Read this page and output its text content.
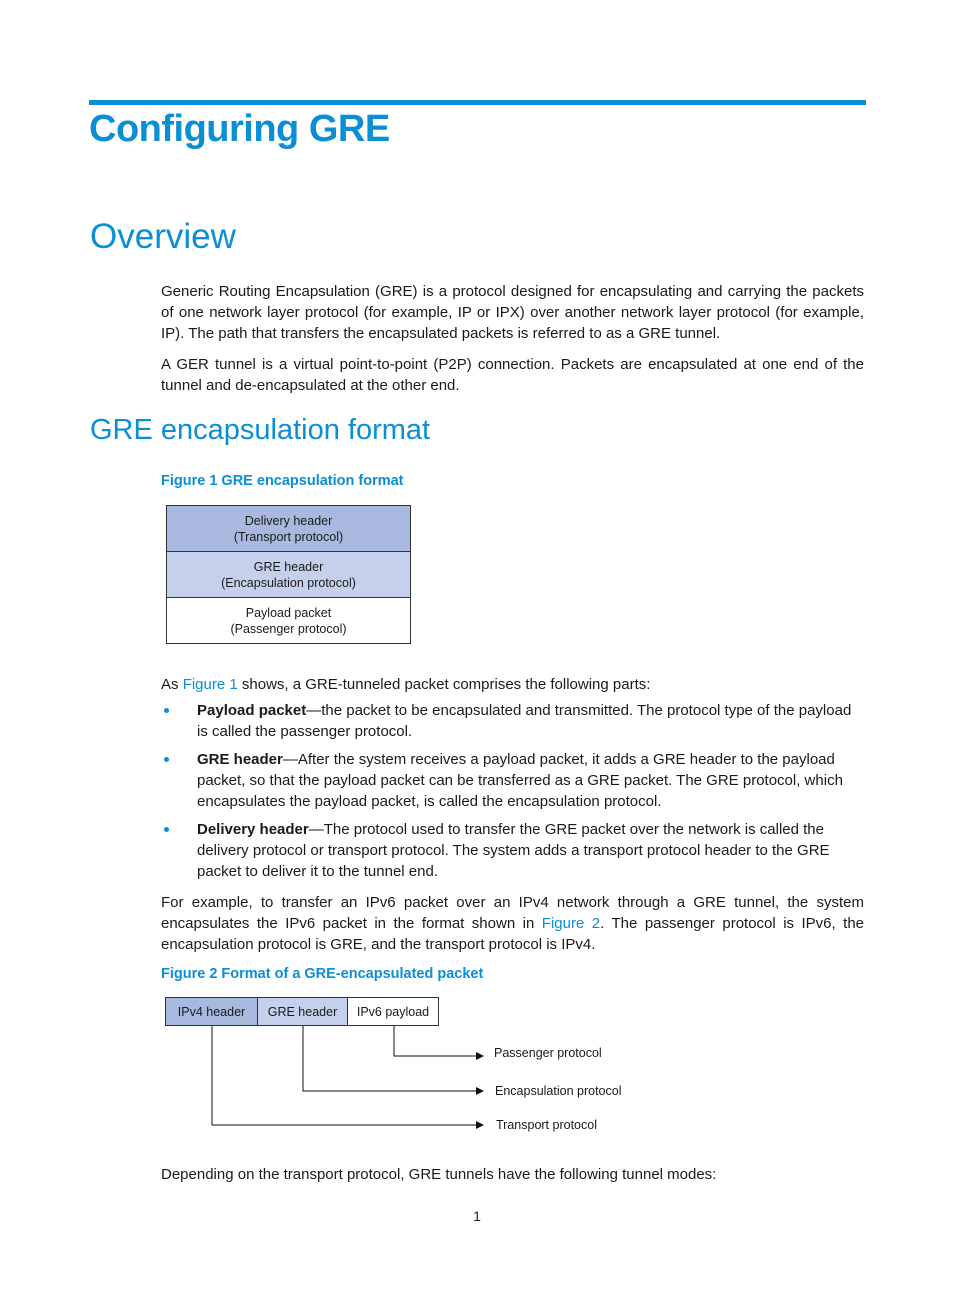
Configuring GRE
Overview
Generic Routing Encapsulation (GRE) is a protocol designed for encapsulating and carrying the packets of one network layer protocol (for example, IP or IPX) over another network layer protocol (for example, IP). The path that transfers the encapsulated packets is referred to as a GRE tunnel.
A GER tunnel is a virtual point-to-point (P2P) connection. Packets are encapsulated at one end of the tunnel and de-encapsulated at the other end.
GRE encapsulation format
Figure 1 GRE encapsulation format
Delivery header
(Transport protocol)
GRE header
(Encapsulation protocol)
Payload packet
(Passenger protocol)
As Figure 1 shows, a GRE-tunneled packet comprises the following parts:
Payload packet—the packet to be encapsulated and transmitted. The protocol type of the payload is called the passenger protocol.
GRE header—After the system receives a payload packet, it adds a GRE header to the payload packet, so that the payload packet can be transferred as a GRE packet. The GRE protocol, which encapsulates the payload packet, is called the encapsulation protocol.
Delivery header—The protocol used to transfer the GRE packet over the network is called the delivery protocol or transport protocol. The system adds a transport protocol header to the GRE packet to deliver it to the tunnel end.
For example, to transfer an IPv6 packet over an IPv4 network through a GRE tunnel, the system encapsulates the IPv6 packet in the format shown in Figure 2. The passenger protocol is IPv6, the encapsulation protocol is GRE, and the transport protocol is IPv4.
Figure 2 Format of a GRE-encapsulated packet
IPv4 header	GRE header	IPv6 payload
Passenger protocol
Encapsulation protocol
Transport protocol
Depending on the transport protocol, GRE tunnels have the following tunnel modes:
1
